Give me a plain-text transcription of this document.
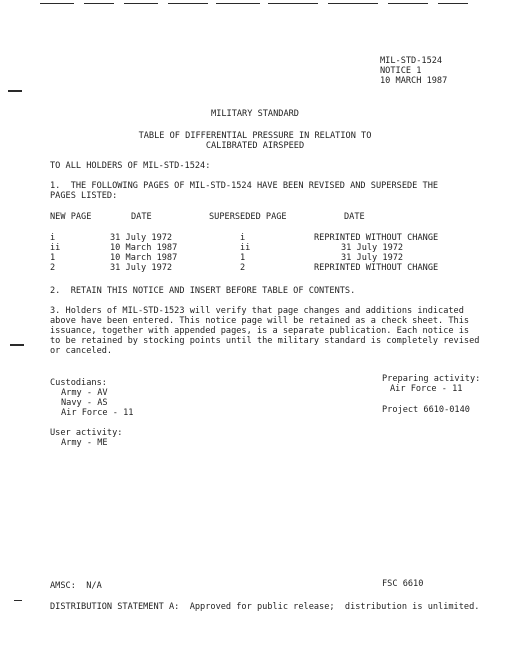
MIL-STD-1524
NOTICE 1
10 MARCH 1987
MILITARY STANDARD
TABLE OF DIFFERENTIAL PRESSURE IN RELATION TO
CALIBRATED AIRSPEED
TO ALL HOLDERS OF MIL-STD-1524:
1.  THE FOLLOWING PAGES OF MIL-STD-1524 HAVE BEEN REVISED AND SUPERSEDE THE
PAGES LISTED:
NEW PAGE	DATE	SUPERSEDED PAGE	DATE
i	31 July 1972	i	REPRINTED WITHOUT CHANGE
ii	10 March 1987	ii	31 July 1972
1	10 March 1987	1	31 July 1972
2	31 July 1972	2	REPRINTED WITHOUT CHANGE
2.  RETAIN THIS NOTICE AND INSERT BEFORE TABLE OF CONTENTS.
3. Holders of MIL-STD-1523 will verify that page changes and additions indicated above have been entered. This notice page will be retained as a check sheet. This issuance, together with appended pages, is a separate publication. Each notice is to be retained by stocking points until the military standard is completely revised or canceled.
Custodians:
Army - AV
Navy - AS
Air Force - 11
Preparing activity:
Air Force - 11
Project 6610-0140
User activity:
Army - ME
AMSC:  N/A	FSC 6610
DISTRIBUTION STATEMENT A:  Approved for public release;  distribution is unlimited.
